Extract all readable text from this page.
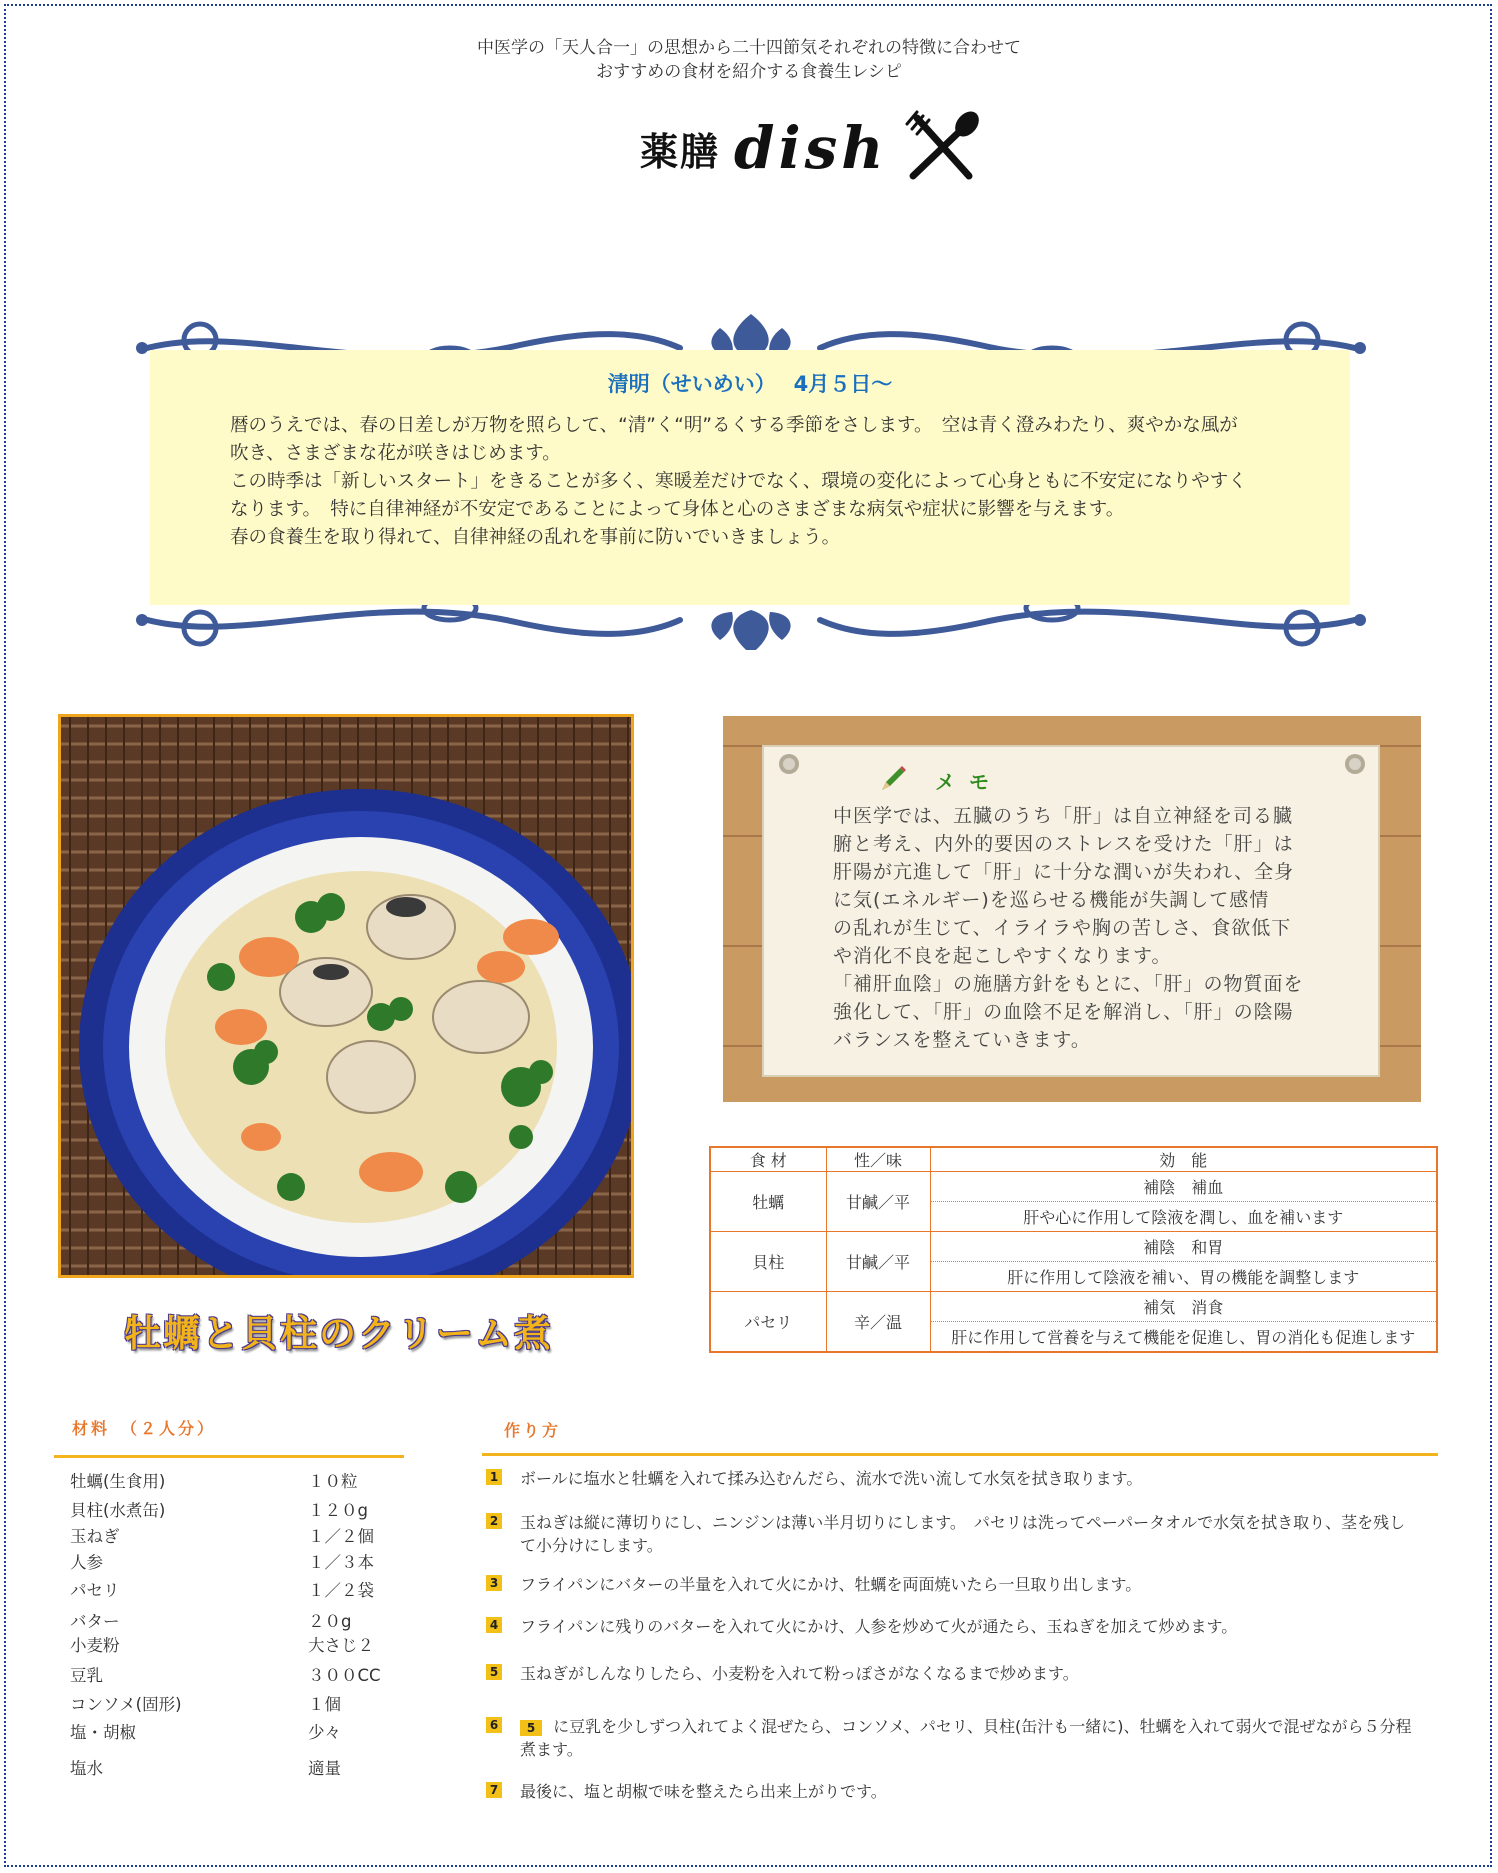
中医学の「天人合一」の思想から二十四節気それぞれの特徴に合わせて
おすすめの食材を紹介する食養生レシピ
薬膳 dish
清明（せいめい）　 4月５日～

暦のうえでは、春の日差しが万物を照らして、“清”く“明”るくする季節をさします。　空は青く澄みわたり、爽やかな風が

吹き、さまざまな花が咲きはじめます。

この時季は「新しいスタート」をきることが多く、寒暖差だけでなく、環境の変化によって心身ともに不安定になりやすく

なります。　特に自律神経が不安定であることによって身体と心のさまざまな病気や症状に影響を与えます。

春の食養生を取り得れて、自律神経の乱れを事前に防いでいきましょう。

牡蠣と貝柱のクリーム煮
メモ

中医学では、五臓のうち「肝」は自立神経を司る臓

腑と考え、内外的要因のストレスを受けた「肝」は

肝陽が亢進して「肝」に十分な潤いが失われ、全身

に気(エネルギー)を巡らせる機能が失調して感情

の乱れが生じて、イライラや胸の苦しさ、食欲低下

や消化不良を起こしやすくなります。

「補肝血陰」の施膳方針をもとに、「肝」の物質面を

強化して、「肝」の血陰不足を解消し、「肝」の陰陽

バランスを整えていきます。

食 材	性／味	効　能
牡蠣	甘鹹／平	補陰　補血
		肝や心に作用して陰液を潤し、血を補います
貝柱	甘鹹／平	補陰　和胃
		肝に作用して陰液を補い、胃の機能を調整します
パセリ	辛／温	補気　消食
		肝に作用して営養を与えて機能を促進し、胃の消化も促進します
材料　（２人分）
牡蠣(生食用)	１０粒
貝柱(水煮缶)	１２０g
玉ねぎ	１／２個
人参	１／３本
パセリ	１／２袋
バター	２０g
小麦粉	大さじ２
豆乳	３００CC
コンソメ(固形)	１個
塩・胡椒	少々
塩水	適量
作り方
1 ボールに塩水と牡蠣を入れて揉み込むんだら、流水で洗い流して水気を拭き取ります。
2 玉ねぎは縦に薄切りにし、ニンジンは薄い半月切りにします。　パセリは洗ってペーパータオルで水気を拭き取り、茎を残して小分けにします。
3 フライパンにバターの半量を入れて火にかけ、牡蠣を両面焼いたら一旦取り出します。
4 フライパンに残りのバターを入れて火にかけ、人参を炒めて火が通たら、玉ねぎを加えて炒めます。
5 玉ねぎがしんなりしたら、小麦粉を入れて粉っぽさがなくなるまで炒めます。
6	5 に豆乳を少しずつ入れてよく混ぜたら、コンソメ、パセリ、貝柱(缶汁も一緒に)、牡蠣を入れて弱火で混ぜながら５分程煮ます。
7 最後に、塩と胡椒で味を整えたら出来上がりです。
